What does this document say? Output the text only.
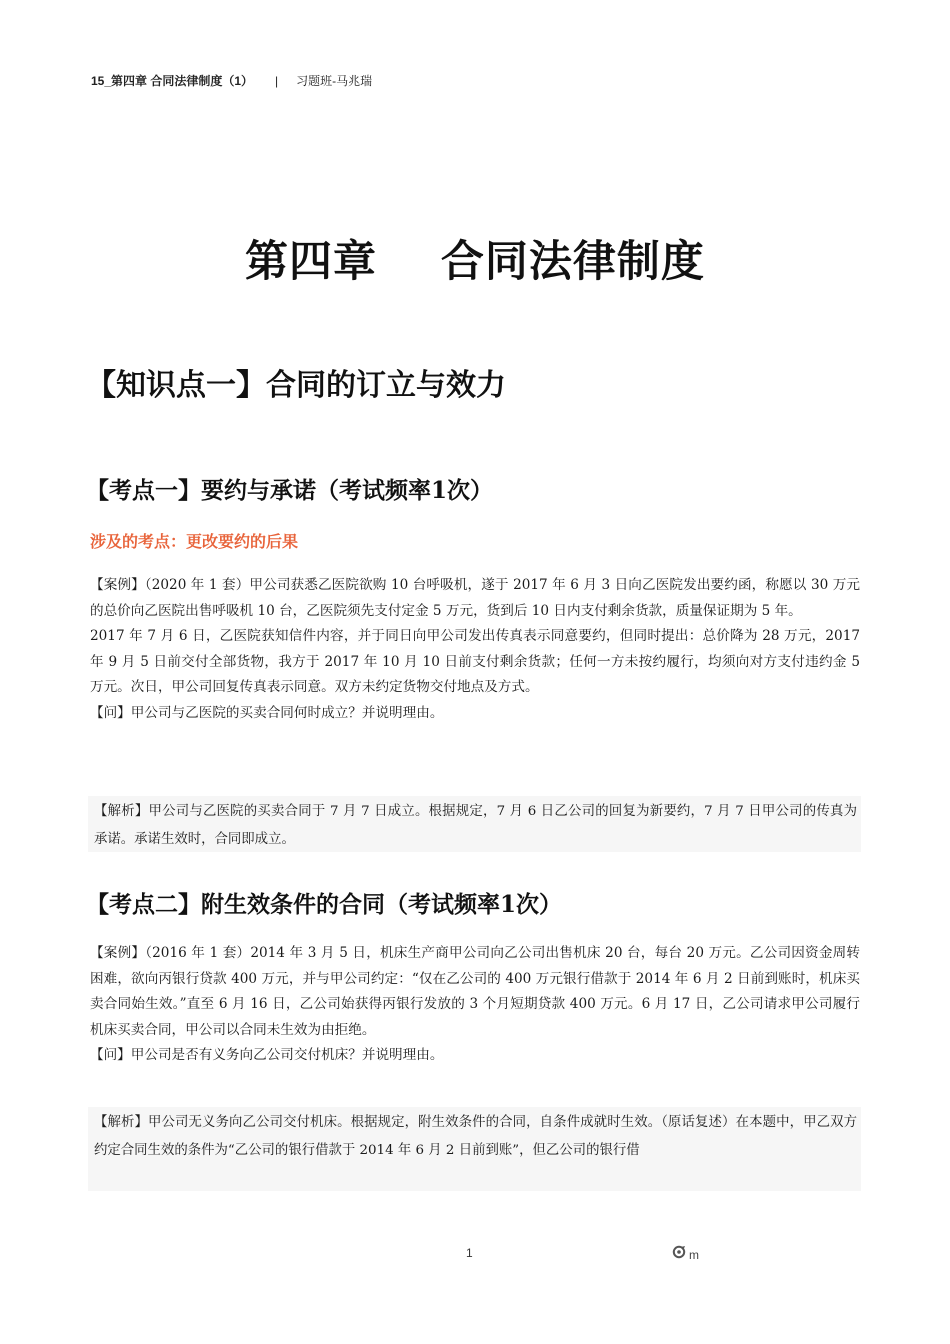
15_第四章 合同法律制度（1） | 习题班-马兆瑞
第四章    合同法律制度
【知识点一】合同的订立与效力
【考点一】要约与承诺（考试频率1次）
涉及的考点：更改要约的后果

【案例】（2020 年 1 套）甲公司获悉乙医院欲购 10 台呼吸机，遂于 2017 年 6 月 3 日向乙医院发出要约函，称愿以 30 万元的总价向乙医院出售呼吸机 10 台，乙医院须先支付定金 5 万元，货到后 10 日内支付剩余货款，质量保证期为 5 年。

2017 年 7 月 6 日，乙医院获知信件内容，并于同日向甲公司发出传真表示同意要约，但同时提出：总价降为 28 万元，2017 年 9 月 5 日前交付全部货物，我方于 2017 年 10 月 10 日前支付剩余货款；任何一方未按约履行，均须向对方支付违约金 5 万元。次日，甲公司回复传真表示同意。双方未约定货物交付地点及方式。

【问】甲公司与乙医院的买卖合同何时成立？并说明理由。

【解析】甲公司与乙医院的买卖合同于 7 月 7 日成立。根据规定，7 月 6 日乙公司的回复为新要约，7 月 7 日甲公司的传真为承诺。承诺生效时，合同即成立。
【考点二】附生效条件的合同（考试频率1次）

【案例】（2016 年 1 套）2014 年 3 月 5 日，机床生产商甲公司向乙公司出售机床 20 台，每台 20 万元。乙公司因资金周转困难，欲向丙银行贷款 400 万元，并与甲公司约定：“仅在乙公司的 400 万元银行借款于 2014 年 6 月 2 日前到账时，机床买卖合同始生效。”直至 6 月 16 日，乙公司始获得丙银行发放的 3 个月短期贷款 400 万元。6 月 17 日，乙公司请求甲公司履行机床买卖合同，甲公司以合同未生效为由拒绝。

【问】甲公司是否有义务向乙公司交付机床？并说明理由。

【解析】甲公司无义务向乙公司交付机床。根据规定，附生效条件的合同，自条件成就时生效。（原话复述）在本题中，甲乙双方约定合同生效的条件为“乙公司的银行借款于 2014 年 6 月 2 日前到账”，但乙公司的银行借
1	m
